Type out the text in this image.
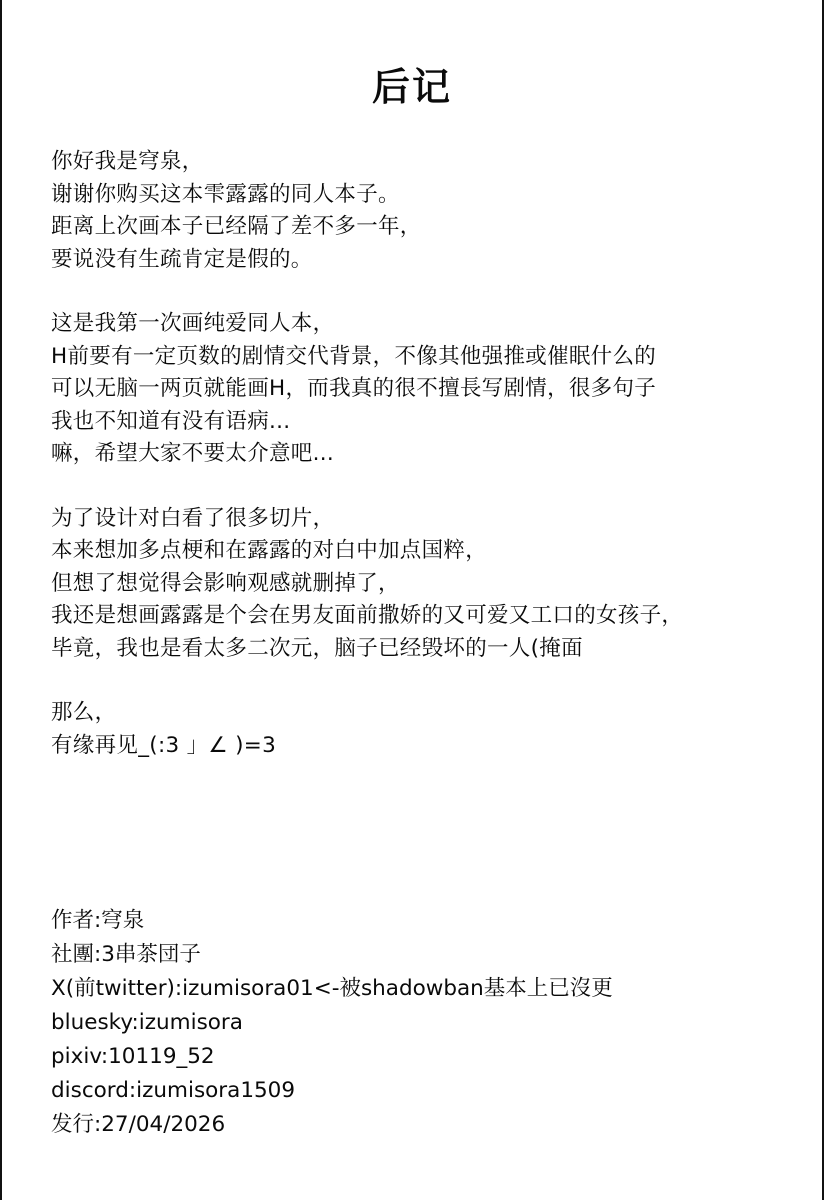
后记
你好我是穹泉，
谢谢你购买这本雫露露的同人本子。
距离上次画本子已经隔了差不多一年，
要说没有生疏肯定是假的。
这是我第一次画纯爱同人本，
H前要有一定页数的剧情交代背景，不像其他强推或催眠什么的
可以无脑一两页就能画H，而我真的很不擅長写剧情，很多句子
我也不知道有没有语病...
嘛，希望大家不要太介意吧...
为了设计对白看了很多切片，
本来想加多点梗和在露露的对白中加点国粹，
但想了想觉得会影响观感就删掉了，
我还是想画露露是个会在男友面前撒娇的又可爱又工口的女孩子，
毕竟，我也是看太多二次元，脑子已经毁坏的一人(掩面
那么，
有缘再见_(:3 」∠ )=3
作者:穹泉
社團:3串茶団子
X(前twitter):izumisora01<-被shadowban基本上已沒更
bluesky:izumisora
pixiv:10119_52
discord:izumisora1509
发行:27/04/2026
